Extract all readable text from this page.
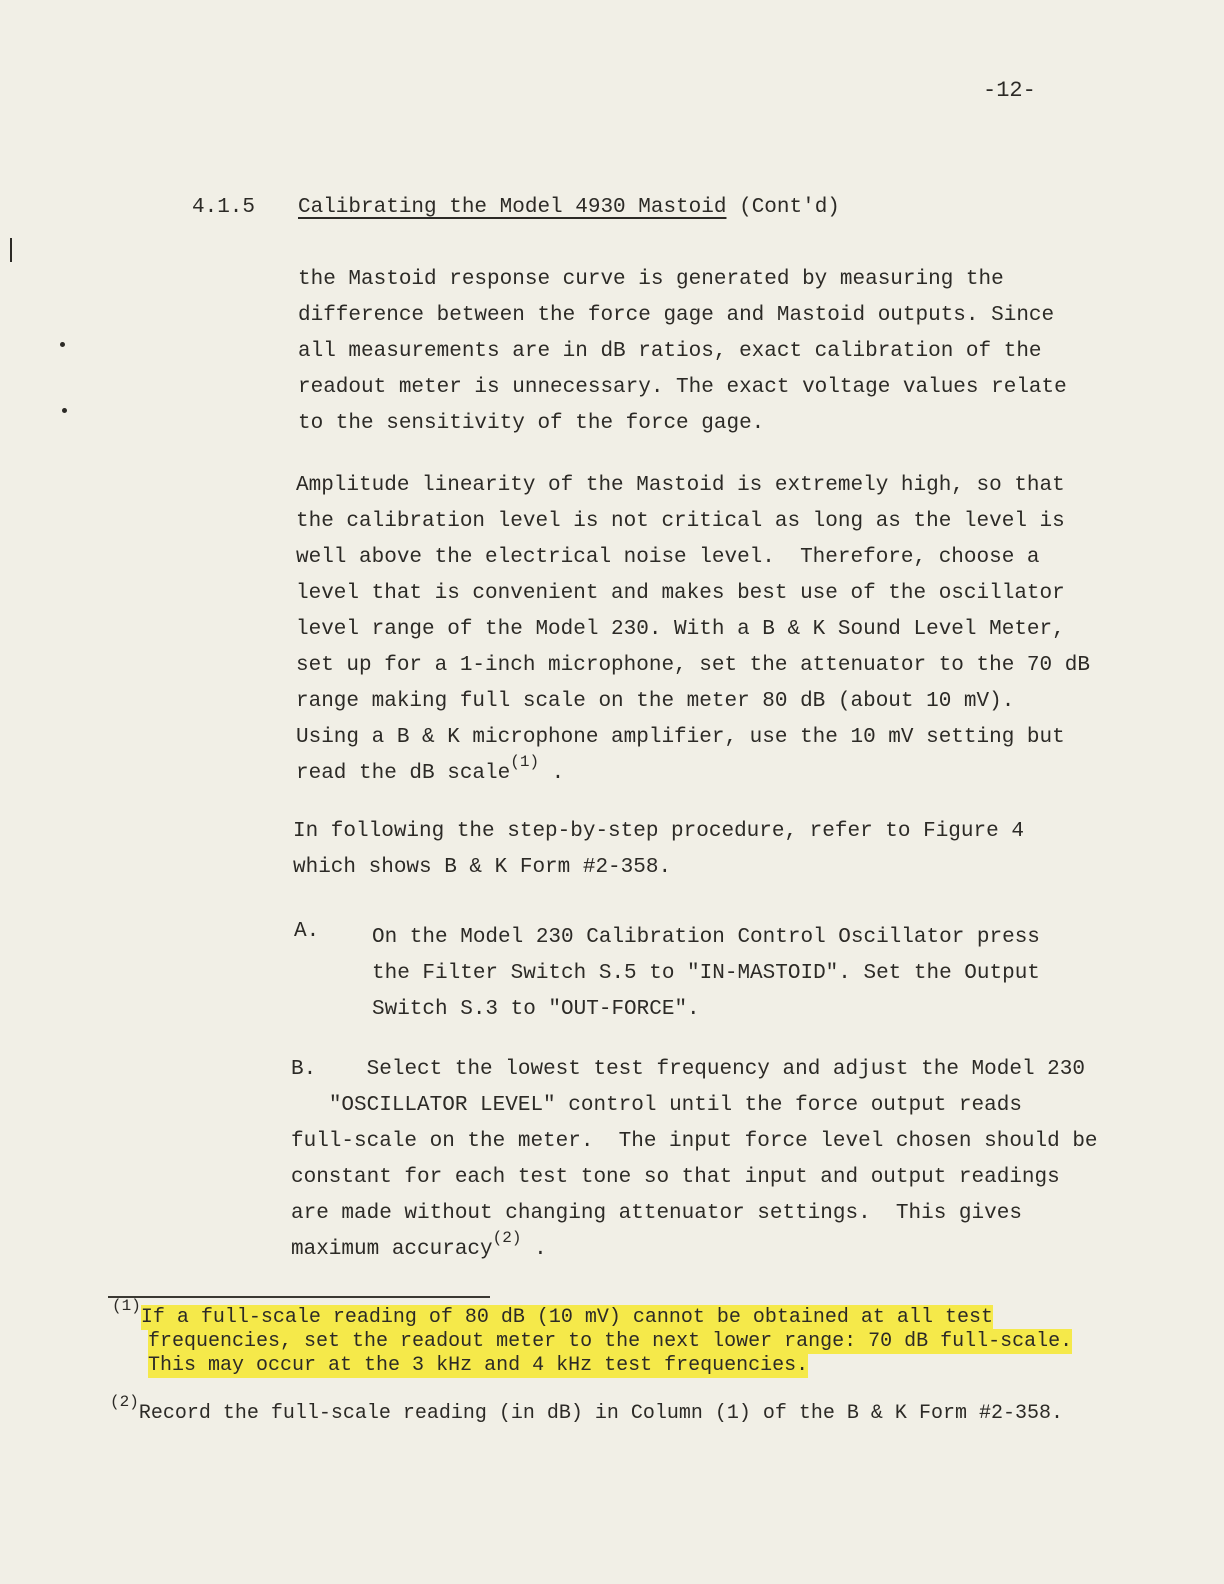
-12-
4.1.5 Calibrating the Model 4930 Mastoid (Cont'd)

the Mastoid response curve is generated by measuring the
difference between the force gage and Mastoid outputs. Since
all measurements are in dB ratios, exact calibration of the
readout meter is unnecessary. The exact voltage values relate
to the sensitivity of the force gage.

Amplitude linearity of the Mastoid is extremely high, so that
the calibration level is not critical as long as the level is
well above the electrical noise level.  Therefore, choose a
level that is convenient and makes best use of the oscillator
level range of the Model 230. With a B & K Sound Level Meter,
set up for a 1-inch microphone, set the attenuator to the 70 dB
range making full scale on the meter 80 dB (about 10 mV).
Using a B & K microphone amplifier, use the 10 mV setting but
read the dB scale$^{(1)}$ .

In following the step-by-step procedure, refer to Figure 4
which shows B & K Form #2-358.

A.	On the Model 230 Calibration Control Oscillator press
the Filter Switch S.5 to "IN-MASTOID". Set the Output
Switch S.3 to "OUT-FORCE".

B. Select the lowest test frequency and adjust the Model 230
"OSCILLATOR LEVEL" control until the force output reads
full-scale on the meter.  The input force level chosen should be
constant for each test tone so that input and output readings
are made without changing attenuator settings.  This gives
maximum accuracy$^{(2)}$ .

$^{(1)}$If a full-scale reading of 80 dB (10 mV) cannot be obtained at all test
frequencies, set the readout meter to the next lower range: 70 dB full-scale.
This may occur at the 3 kHz and 4 kHz test frequencies.

$^{(2)}$Record the full-scale reading (in dB) in Column (1) of the B & K Form #2-358.
